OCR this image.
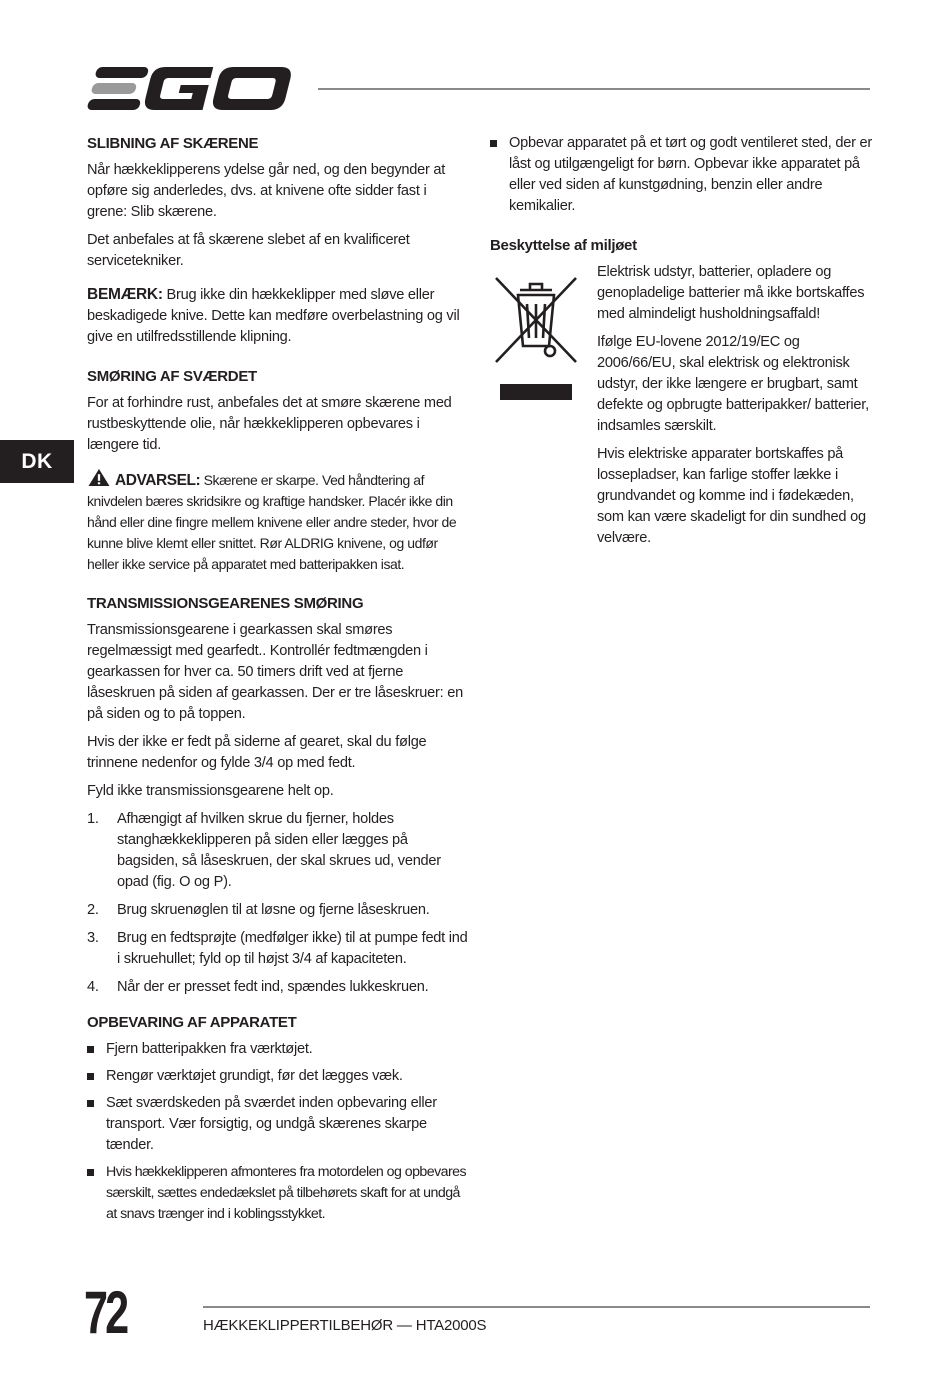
DK
SLIBNING AF SKÆRENE
Når hækkeklipperens ydelse går ned, og den begynder at opføre sig anderledes, dvs. at knivene ofte sidder fast i grene: Slib skærene.
Det anbefales at få skærene slebet af en kvalificeret servicetekniker.
BEMÆRK: Brug ikke din hækkeklipper med sløve eller beskadigede knive. Dette kan medføre overbelastning og vil give en utilfredsstillende klipning.
SMØRING AF SVÆRDET
For at forhindre rust, anbefales det at smøre skærene med rustbeskyttende olie, når hækkeklipperen opbevares i længere tid.
ADVARSEL: Skærene er skarpe. Ved håndtering af knivdelen bæres skridsikre og kraftige handsker. Placér ikke din hånd eller dine fingre mellem knivene eller andre steder, hvor de kunne blive klemt eller snittet. Rør ALDRIG knivene, og udfør heller ikke service på apparatet med batteripakken isat.
TRANSMISSIONSGEARENES SMØRING
Transmissionsgearene i gearkassen skal smøres regelmæssigt med gearfedt.. Kontrollér fedtmængden i gearkassen for hver ca. 50 timers drift ved at fjerne låseskruen på siden af gearkassen. Der er tre låseskruer: en på siden og to på toppen.
Hvis der ikke er fedt på siderne af gearet, skal du følge trinnene nedenfor og fylde 3/4 op med fedt.
Fyld ikke transmissionsgearene helt op.
1.	Afhængigt af hvilken skrue du fjerner, holdes stanghækkeklipperen på siden eller lægges på bagsiden, så låseskruen, der skal skrues ud, vender opad (fig. O og P).
2.	Brug skruenøglen til at løsne og fjerne låseskruen.
3.	Brug en fedtsprøjte (medfølger ikke) til at pumpe fedt ind i skruehullet; fyld op til højst 3/4 af kapaciteten.
4.	Når der er presset fedt ind, spændes lukkeskruen.
OPBEVARING AF APPARATET
Fjern batteripakken fra værktøjet.
Rengør værktøjet grundigt, før det lægges væk.
Sæt sværdskeden på sværdet inden opbevaring eller transport. Vær forsigtig, og undgå skærenes skarpe tænder.
Hvis hækkeklipperen afmonteres fra motordelen og opbevares særskilt, sættes endedækslet på tilbehørets skaft for at undgå at snavs trænger ind i koblingsstykket.
Opbevar apparatet på et tørt og godt ventileret sted, der er låst og utilgængeligt for børn. Opbevar ikke apparatet på eller ved siden af kunstgødning, benzin eller andre kemikalier.
Beskyttelse af miljøet
Elektrisk udstyr, batterier, opladere og genopladelige batterier må ikke bortskaffes med almindeligt husholdningsaffald!
Ifølge EU-lovene 2012/19/EC og 2006/66/EU, skal elektrisk og elektronisk udstyr, der ikke længere er brugbart, samt defekte og opbrugte batteripakker/ batterier, indsamles særskilt.
Hvis elektriske apparater bortskaffes på lossepladser, kan farlige stoffer lække i grundvandet og komme ind i fødekæden, som kan være skadeligt for din sundhed og velvære.
72	HÆKKEKLIPPERTILBEHØR — HTA2000S
